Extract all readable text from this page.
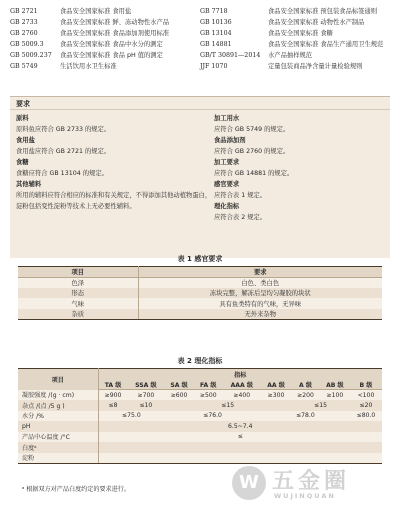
GB 2721	食品安全国家标准 食用盐
GB 2733	食品安全国家标准 鲜、冻动物性水产品
GB 2760	食品安全国家标准 食品添加剂使用标准
GB 5009.3	食品安全国家标准 食品中水分的测定
GB 5009.237 食品安全国家标准 食品 pH 值的测定
GB 5749	生活饮用水卫生标准
GB 7718	食品安全国家标准 预包装食品标签通则
GB 10136	食品安全国家标准 动物性水产制品
GB 13104	食品安全国家标准 食糖
GB 14881	食品安全国家标准 食品生产通用卫生规范
GB/T 30891—2014 水产品抽样规范
JJF 1070	定量包装商品净含量计量检验规则
要求
原料
原料鱼应符合 GB 2733 的规定。
食用盐
食用盐应符合 GB 2721 的规定。
食糖
食糖应符合 GB 13104 的规定。
其他辅料
所用的辅料应符合相应的标准和有关规定，不得添加其他动植物蛋白，淀粉包括变性淀粉等技术上无必要性辅料。
加工用水
应符合 GB 5749 的规定。
食品添加剂
应符合 GB 2760 的规定。
加工要求
应符合 GB 14881 的规定。
感官要求
应符合表 1 规定。
理化指标
应符合表 2 规定。
表 1 感官要求
项目	要求
色泽	白色、类白色
形态	冻块完整，解冻后呈均匀凝胶的块状
气味	具有鱼类特有的气味，无异味
杂质	无外来杂物
表 2 理化指标
项目	指标								
	TA 级	SSA 级	SA 级	FA 级	AAA 级	AA 级	A 级	AB 级	B 级
凝胶强度 /(g · cm)	≥900	≥700	≥600	≥500	≥400	≥300	≥200	≥100	<100
杂点 /(点 /5 g )	≤8	≤10	≤15				≤15		≤20
水分 /%	≤75.0		≤76.0			≤78.0			≤80.0
pH	6.5~7.4								
产品中心温度 /°C	≤								
白度ᵃ									
淀粉									
ᵃ 根据双方对产品白度约定的要求进行。 W	五金圈
WUJINQUAN
